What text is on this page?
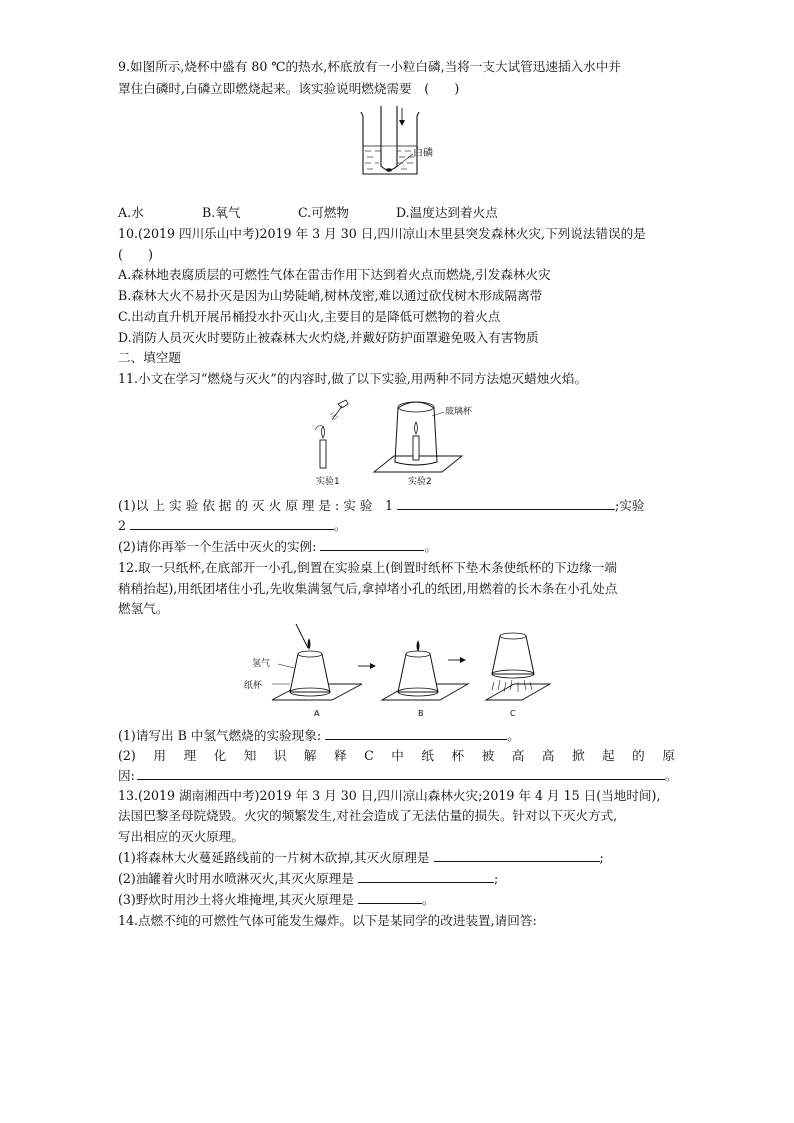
9.如图所示,烧杯中盛有 80 ℃的热水,杯底放有一小粒白磷,当将一支大试管迅速插入水中并
罩住白磷时,白磷立即燃烧起来。该实验说明燃烧需要　(　　)
白磷
A.水	B.氧气	C.可燃物	D.温度达到着火点
10.(2019 四川乐山中考)2019 年 3 月 30 日,四川凉山木里县突发森林火灾,下列说法错误的是
(　　)
A.森林地表腐质层的可燃性气体在雷击作用下达到着火点而燃烧,引发森林火灾
B.森林大火不易扑灭是因为山势陡峭,树林茂密,难以通过砍伐树木形成隔离带
C.出动直升机开展吊桶投水扑灭山火,主要目的是降低可燃物的着火点
D.消防人员灭火时要防止被森林大火灼烧,并戴好防护面罩避免吸入有害物质
二、填空题
11.小文在学习“燃烧与灭火”的内容时,做了以下实验,用两种不同方法熄灭蜡烛火焰。
实验1
玻璃杯
实验2
(1)以 上 实 验 依 据 的 灭 火 原 理 是 : 实 验　1	;实验
2	。
(2)请你再举一个生活中灭火的实例:	。
12.取一只纸杯,在底部开一小孔,倒置在实验桌上(倒置时纸杯下垫木条使纸杯的下边缘一端
稍稍抬起),用纸团堵住小孔,先收集满氢气后,拿掉堵小孔的纸团,用燃着的长木条在小孔处点
燃氢气。
氢气
纸杯
A	B	C
(1)请写出 B 中氢气燃烧的实验现象:	。
(2) 用 理 化 知 识 解 释 C 中 纸 杯 被 高 高 掀 起 的 原
因:	。
13.(2019 湖南湘西中考)2019 年 3 月 30 日,四川凉山森林火灾;2019 年 4 月 15 日(当地时间),
法国巴黎圣母院烧毁。火灾的频繁发生,对社会造成了无法估量的损失。针对以下灭火方式,
写出相应的灭火原理。
(1)将森林大火蔓延路线前的一片树木砍掉,其灭火原理是	;
(2)油罐着火时用水喷淋灭火,其灭火原理是	;
(3)野炊时用沙土将火堆掩埋,其灭火原理是	。
14.点燃不纯的可燃性气体可能发生爆炸。以下是某同学的改进装置,请回答:
